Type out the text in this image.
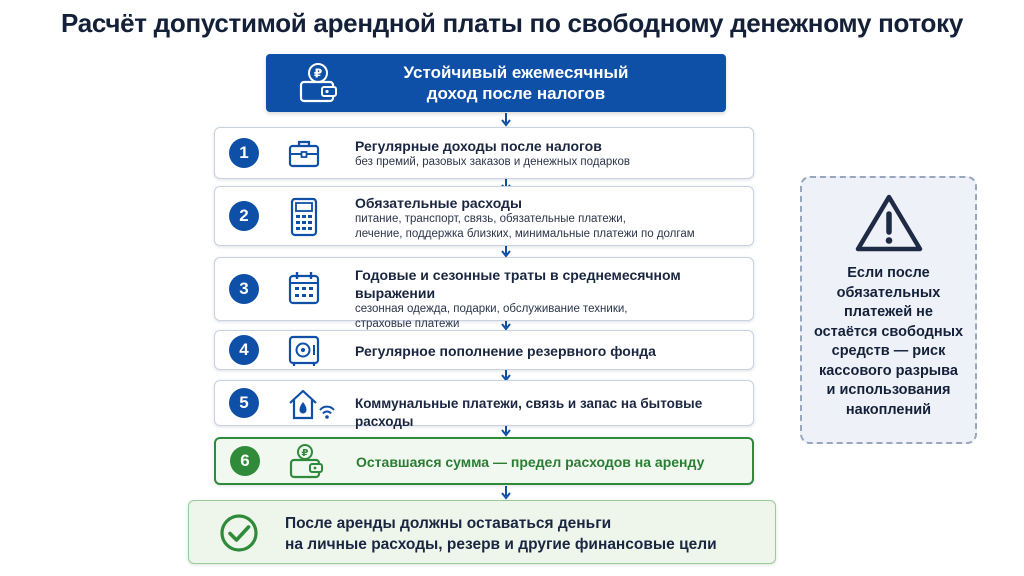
Расчёт допустимой арендной платы по свободному денежному потоку
₽	Устойчивый ежемесячный
доход после налогов
1	Регулярные доходы после налогов
без премий, разовых заказов и денежных подарков
2
Обязательные расходы
питание, транспорт, связь, обязательные платежи,
лечение, поддержка близких, минимальные платежи по долгам
3
Годовые и сезонные траты в среднемесячном выражении
сезонная одежда, подарки, обслуживание техники,
страховые платежи
4	Регулярное пополнение резервного фонда
5	Коммунальные платежи, связь и запас на бытовые расходы
6	₽
Оставшаяся сумма — предел расходов на аренду
После аренды должны оставаться деньги
на личные расходы, резерв и другие финансовые цели
Если после
обязательных
платежей не
остаётся свободных
средств — риск
кассового разрыва
и использования
накоплений
